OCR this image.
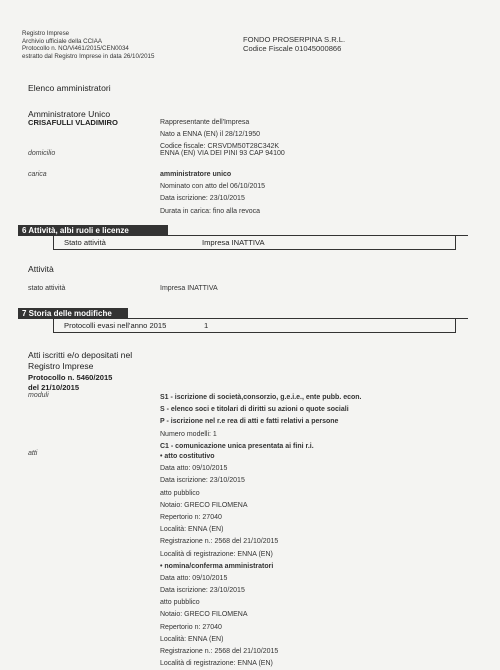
Registro Imprese
Archivio ufficiale della CCIAA
Protocollo n. NO/Vi461/2015/CEN0034
estratto dal Registro Imprese in data 26/10/2015
FONDO PROSERPINA S.R.L.
Codice Fiscale 01045000866
Elenco amministratori
Amministratore Unico
CRISAFULLI VLADIMIRO	Rappresentante dell'Impresa
Nato a ENNA (EN) il 28/12/1950
Codice fiscale: CRSVDM50T28C342K
domicilio	ENNA (EN) VIA DEI PINI 93 CAP 94100
carica	amministratore unico
Nominato con atto del 06/10/2015
Data iscrizione: 23/10/2015
Durata in carica: fino alla revoca
6 Attività, albi ruoli e licenze
Stato attività	Impresa INATTIVA
Attività
stato attività	Impresa INATTIVA
7 Storia delle modifiche
Protocolli evasi nell'anno 2015	1
Atti iscritti e/o depositati nel
Registro Imprese
Protocollo n. 5460/2015
del 21/10/2015
moduli	S1 - iscrizione di società,consorzio, g.e.i.e., ente pubb. econ.
S - elenco soci e titolari di diritti su azioni o quote sociali
P - iscrizione nel r.e rea di atti e fatti relativi a persone
Numero modelli: 1
C1 - comunicazione unica presentata ai fini r.i.
atti	• atto costitutivo
Data atto: 09/10/2015
Data iscrizione: 23/10/2015
atto pubblico
Notaio: GRECO FILOMENA
Repertorio n: 27040
Località: ENNA (EN)
Registrazione n.: 2568 del 21/10/2015
Località di registrazione: ENNA (EN)
• nomina/conferma amministratori
Data atto: 09/10/2015
Data iscrizione: 23/10/2015
atto pubblico
Notaio: GRECO FILOMENA
Repertorio n: 27040
Località: ENNA (EN)
Registrazione n.: 2568 del 21/10/2015
Località di registrazione: ENNA (EN)
